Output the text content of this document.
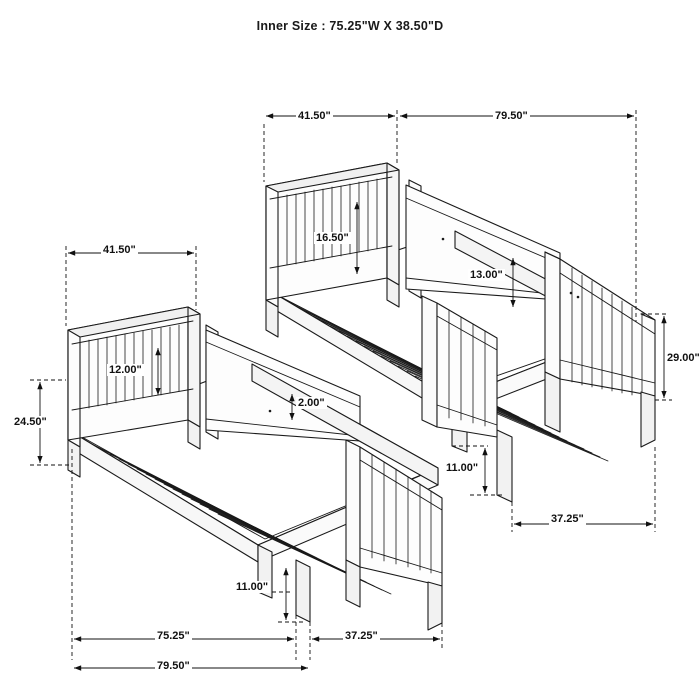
Inner Size : 75.25"W X 38.50"D
41.50"	79.50"
16.50"
13.00"
29.00"
11.00"
37.25"
41.50"
12.00"
24.50"
2.00"
11.00"
75.25"	37.25"
79.50"
